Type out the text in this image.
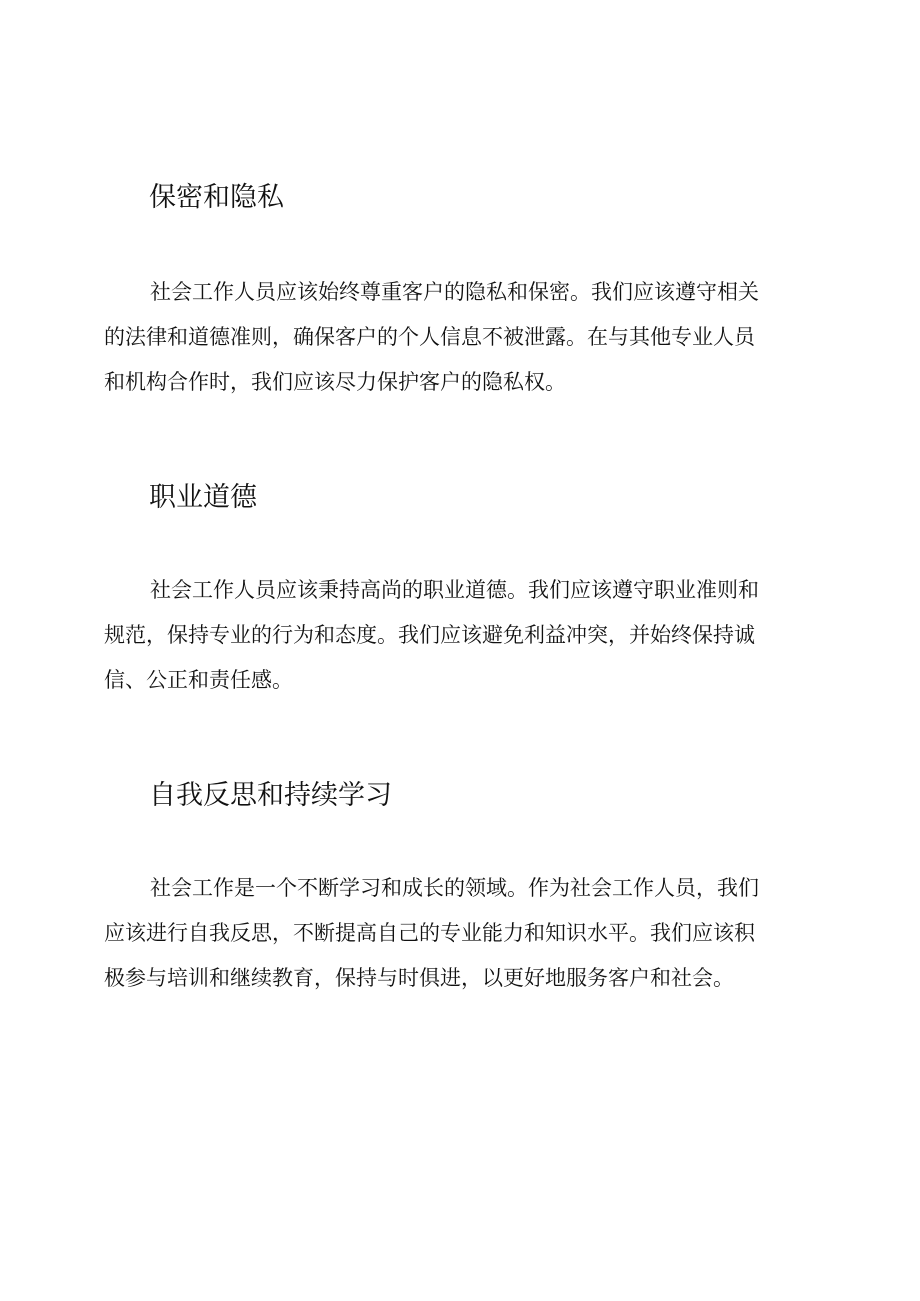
保密和隐私

社会工作人员应该始终尊重客户的隐私和保密。我们应该遵守相关
的法律和道德准则，确保客户的个人信息不被泄露。在与其他专业人员
和机构合作时，我们应该尽力保护客户的隐私权。

职业道德

社会工作人员应该秉持高尚的职业道德。我们应该遵守职业准则和
规范，保持专业的行为和态度。我们应该避免利益冲突，并始终保持诚
信、公正和责任感。

自我反思和持续学习

社会工作是一个不断学习和成长的领域。作为社会工作人员，我们
应该进行自我反思，不断提高自己的专业能力和知识水平。我们应该积
极参与培训和继续教育，保持与时俱进，以更好地服务客户和社会。
